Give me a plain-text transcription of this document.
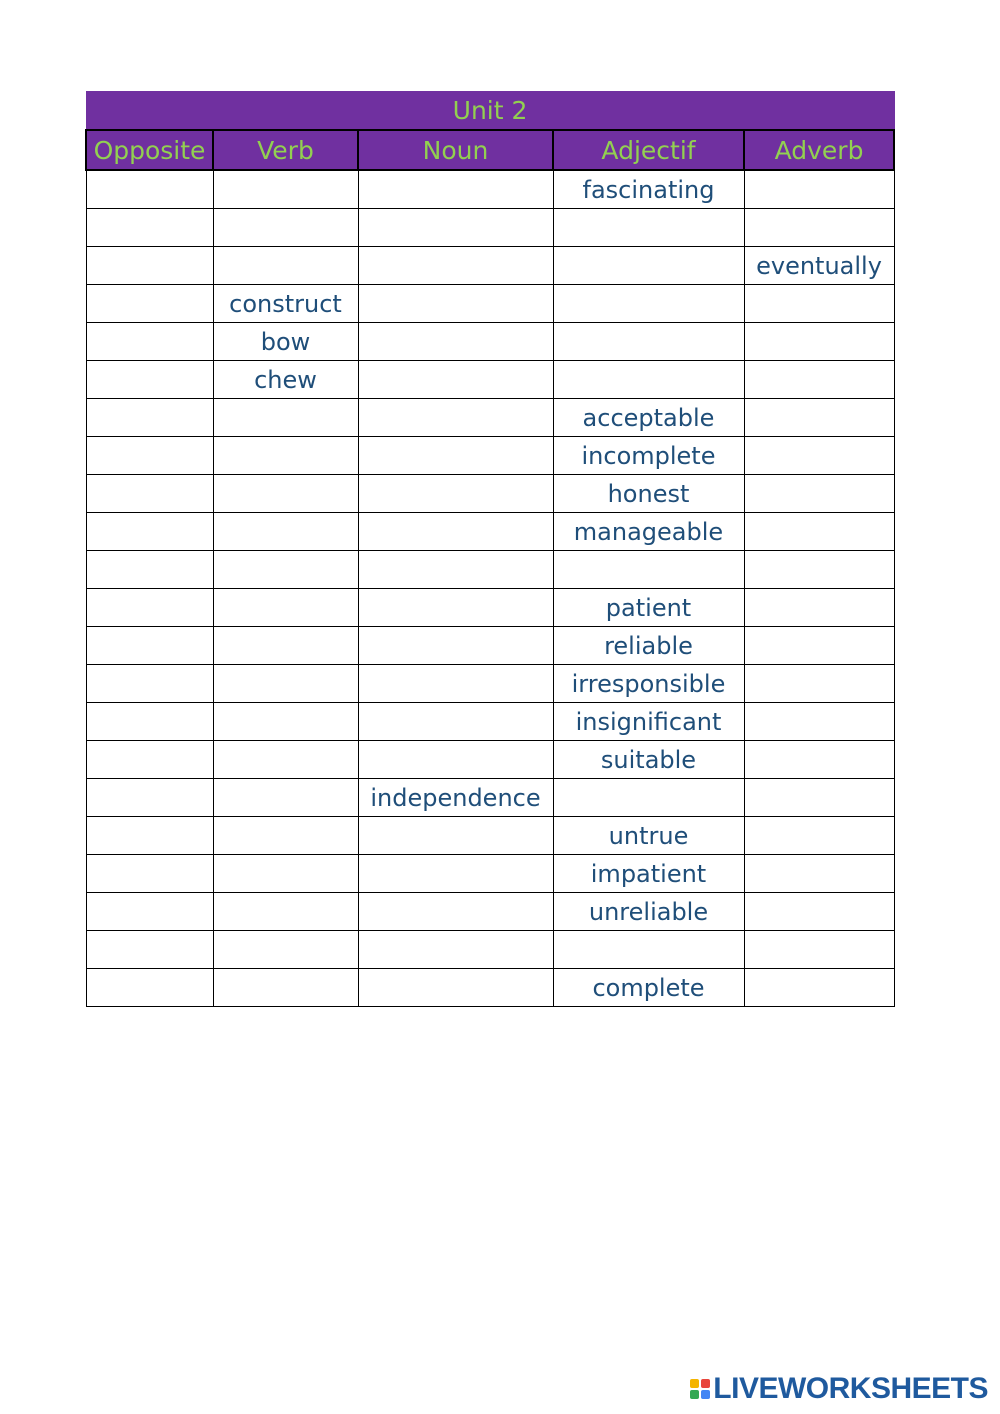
Unit 2				
Opposite	Verb	Noun	Adjectif	Adverb
			fascinating	

				eventually
	construct			
	bow			
	chew			
			acceptable	
			incomplete	
			honest	
			manageable	

			patient	
			reliable	
			irresponsible	
			insignificant	
			suitable	
		independence		
			untrue	
			impatient	
			unreliable	

			complete	
LIVEWORKSHEETS
